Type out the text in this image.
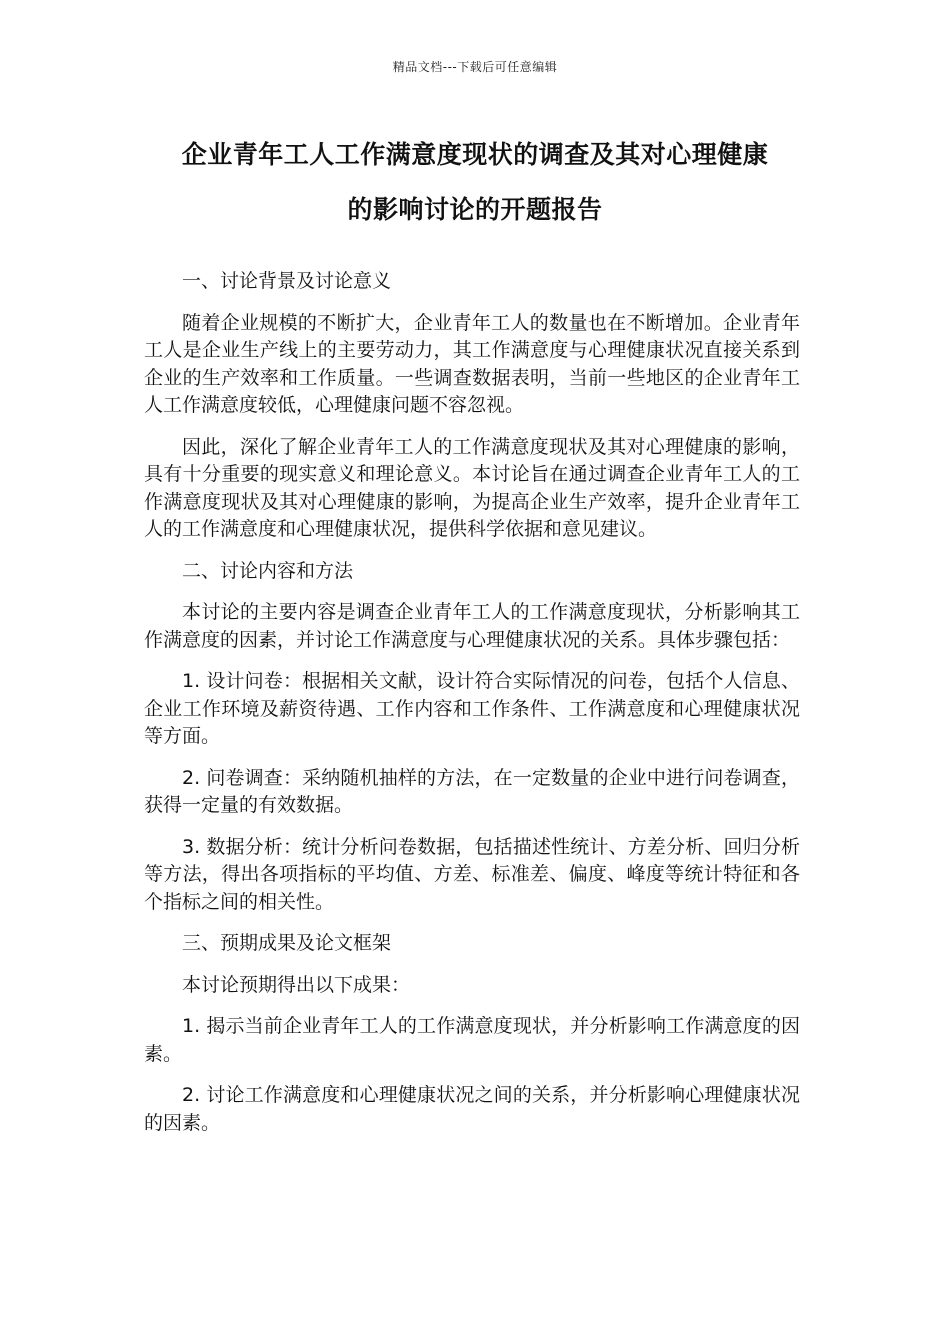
精品文档---下载后可任意编辑
企业青年工人工作满意度现状的调查及其对心理健康
的影响讨论的开题报告

一、讨论背景及讨论意义

随着企业规模的不断扩大，企业青年工人的数量也在不断增加。企业青年工人是企业生产线上的主要劳动力，其工作满意度与心理健康状况直接关系到企业的生产效率和工作质量。一些调查数据表明，当前一些地区的企业青年工人工作满意度较低，心理健康问题不容忽视。

因此，深化了解企业青年工人的工作满意度现状及其对心理健康的影响，具有十分重要的现实意义和理论意义。本讨论旨在通过调查企业青年工人的工作满意度现状及其对心理健康的影响，为提高企业生产效率，提升企业青年工人的工作满意度和心理健康状况，提供科学依据和意见建议。

二、讨论内容和方法

本讨论的主要内容是调查企业青年工人的工作满意度现状，分析影响其工作满意度的因素，并讨论工作满意度与心理健康状况的关系。具体步骤包括：

1. 设计问卷：根据相关文献，设计符合实际情况的问卷，包括个人信息、企业工作环境及薪资待遇、工作内容和工作条件、工作满意度和心理健康状况等方面。

2. 问卷调查：采纳随机抽样的方法，在一定数量的企业中进行问卷调查，获得一定量的有效数据。

3. 数据分析：统计分析问卷数据，包括描述性统计、方差分析、回归分析等方法，得出各项指标的平均值、方差、标准差、偏度、峰度等统计特征和各个指标之间的相关性。

三、预期成果及论文框架

本讨论预期得出以下成果：

1. 揭示当前企业青年工人的工作满意度现状，并分析影响工作满意度的因素。

2. 讨论工作满意度和心理健康状况之间的关系，并分析影响心理健康状况的因素。
